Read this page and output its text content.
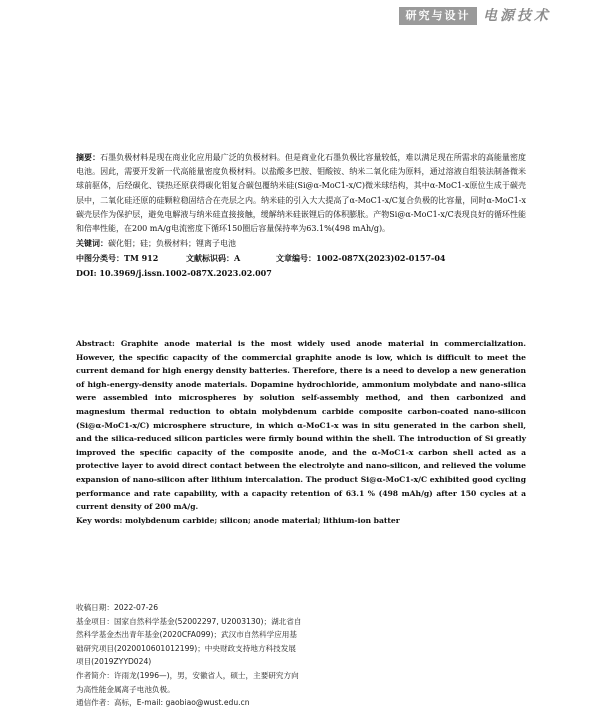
研究与设计 电源技术

摘要：石墨负极材料是现在商业化应用最广泛的负极材料。但是商业化石墨负极比容量较低，难以满足现在所需求的高能量密度电池。因此，需要开发新一代高能量密度负极材料。以盐酸多巴胺、钼酸铵、纳米二氧化硅为原料，通过溶液自组装法制备微米球前驱体，后经碳化、镁热还原获得碳化钼复合碳包覆纳米硅(Si@α-MoC1-x/C)微米球结构，其中α-MoC1-x原位生成于碳壳层中，二氧化硅还原的硅颗粒稳固结合在壳层之内。纳米硅的引入大大提高了α-MoC1-x/C复合负极的比容量，同时α-MoC1-x碳壳层作为保护层，避免电解液与纳米硅直接接触，缓解纳米硅嵌锂后的体积膨胀。产物Si@α-MoC1-x/C表现良好的循环性能和倍率性能，在200 mA/g电流密度下循环150圈后容量保持率为63.1%(498 mAh/g)。

关键词：碳化钼；硅；负极材料；锂离子电池

中图分类号：TM 912	文献标识码：A	文章编号：1002-087X(2023)02-0157-04

DOI: 10.3969/j.issn.1002-087X.2023.02.007

Abstract: Graphite anode material is the most widely used anode material in commercialization. However, the specific capacity of the commercial graphite anode is low, which is difficult to meet the current demand for high energy density batteries. Therefore, there is a need to develop a new generation of high-energy-density anode materials. Dopamine hydrochloride, ammonium molybdate and nano-silica were assembled into microspheres by solution self-assembly method, and then carbonized and magnesium thermal reduction to obtain molybdenum carbide composite carbon-coated nano-silicon (Si@α-MoC1-x/C) microsphere structure, in which α-MoC1-x was in situ generated in the carbon shell, and the silica-reduced silicon particles were firmly bound within the shell. The introduction of Si greatly improved the specific capacity of the composite anode, and the α-MoC1-x carbon shell acted as a protective layer to avoid direct contact between the electrolyte and nano-silicon, and relieved the volume expansion of nano-silicon after lithium intercalation. The product Si@α-MoC1-x/C exhibited good cycling performance and rate capability, with a capacity retention of 63.1 % (498 mAh/g) after 150 cycles at a current density of 200 mA/g.

Key words: molybdenum carbide; silicon; anode material; lithium-ion batter

收稿日期：2022-07-26

基金项目：国家自然科学基金(52002297, U2003130)；湖北省自然科学基金杰出青年基金(2020CFA099)；武汉市自然科学应用基础研究项目(2020010601012199)；中央财政支持地方科技发展项目(2019ZYYD024)

作者简介：许雨龙(1996—)，男，安徽省人，硕士，主要研究方向为高性能金属离子电池负极。

通信作者：高标，E-mail: gaobiao@wust.edu.cn
